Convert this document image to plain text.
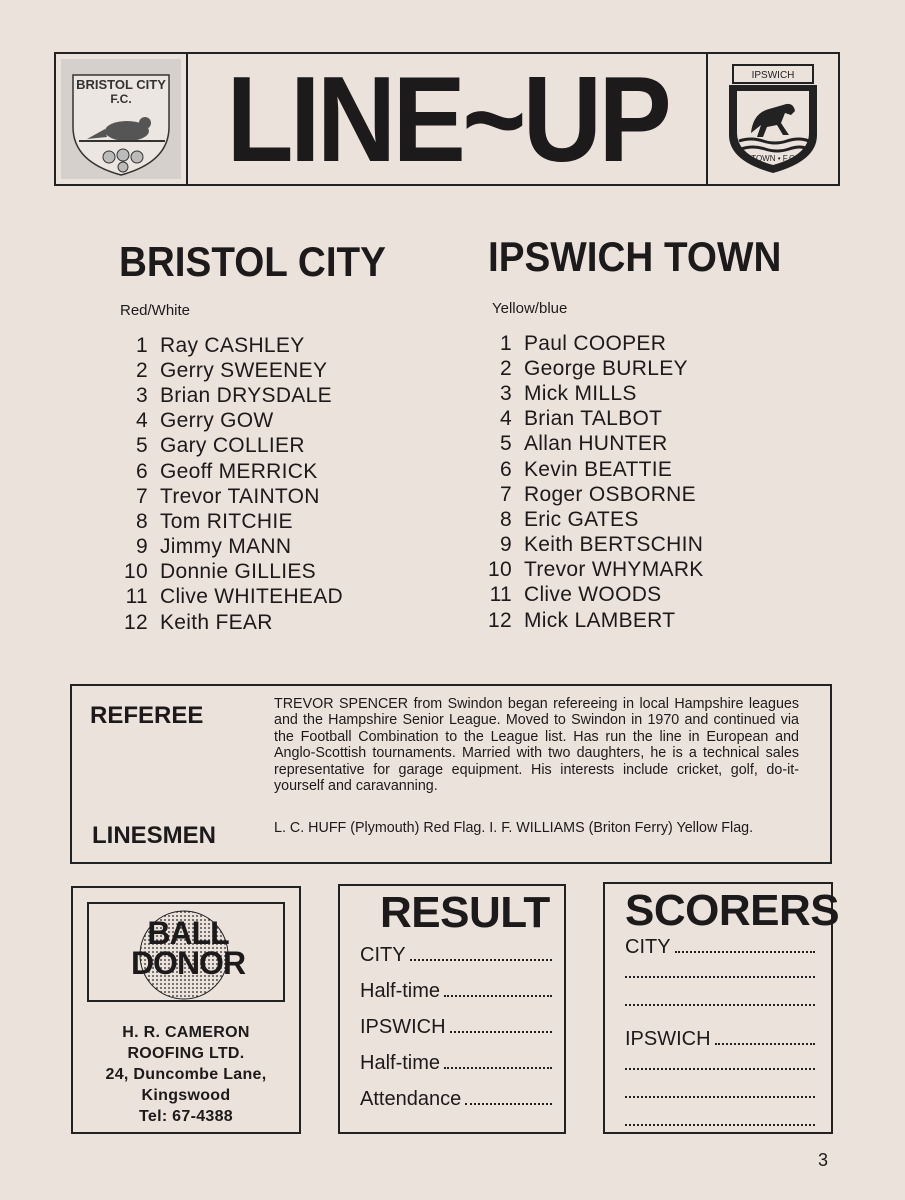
BRISTOL CITY
F.C. LINE~UP	IPSWICH
TOWN • F.C
BRISTOL CITY
Red/White
1 Ray CASHLEY
2 Gerry SWEENEY
3 Brian DRYSDALE
4 Gerry GOW
5 Gary COLLIER
6 Geoff MERRICK
7 Trevor TAINTON
8 Tom RITCHIE
9 Jimmy MANN
10 Donnie GILLIES
11 Clive WHITEHEAD
12 Keith FEAR
IPSWICH TOWN
Yellow/blue
1 Paul COOPER
2 George BURLEY
3 Mick MILLS
4 Brian TALBOT
5 Allan HUNTER
6 Kevin BEATTIE
7 Roger OSBORNE
8 Eric GATES
9 Keith BERTSCHIN
10 Trevor WHYMARK
11 Clive WOODS
12 Mick LAMBERT
REFEREE	TREVOR SPENCER from Swindon began refereeing in local Hampshire leagues and the Hampshire Senior League. Moved to Swindon in 1970 and continued via the Football Combination to the League list. Has run the line in European and Anglo-Scottish tournaments. Married with two daughters, he is a technical sales representative for garage equipment. His interests include cricket, golf, do-it-yourself and caravanning.
LINESMEN	L. C. HUFF (Plymouth) Red Flag. I. F. WILLIAMS (Briton Ferry) Yellow Flag.
BALL
DONOR
H. R. CAMERON
ROOFING LTD.
24, Duncombe Lane,
Kingswood
Tel: 67-4388
RESULT
CITY
Half-time
IPSWICH
Half-time
Attendance
SCORERS
CITY
IPSWICH
3
